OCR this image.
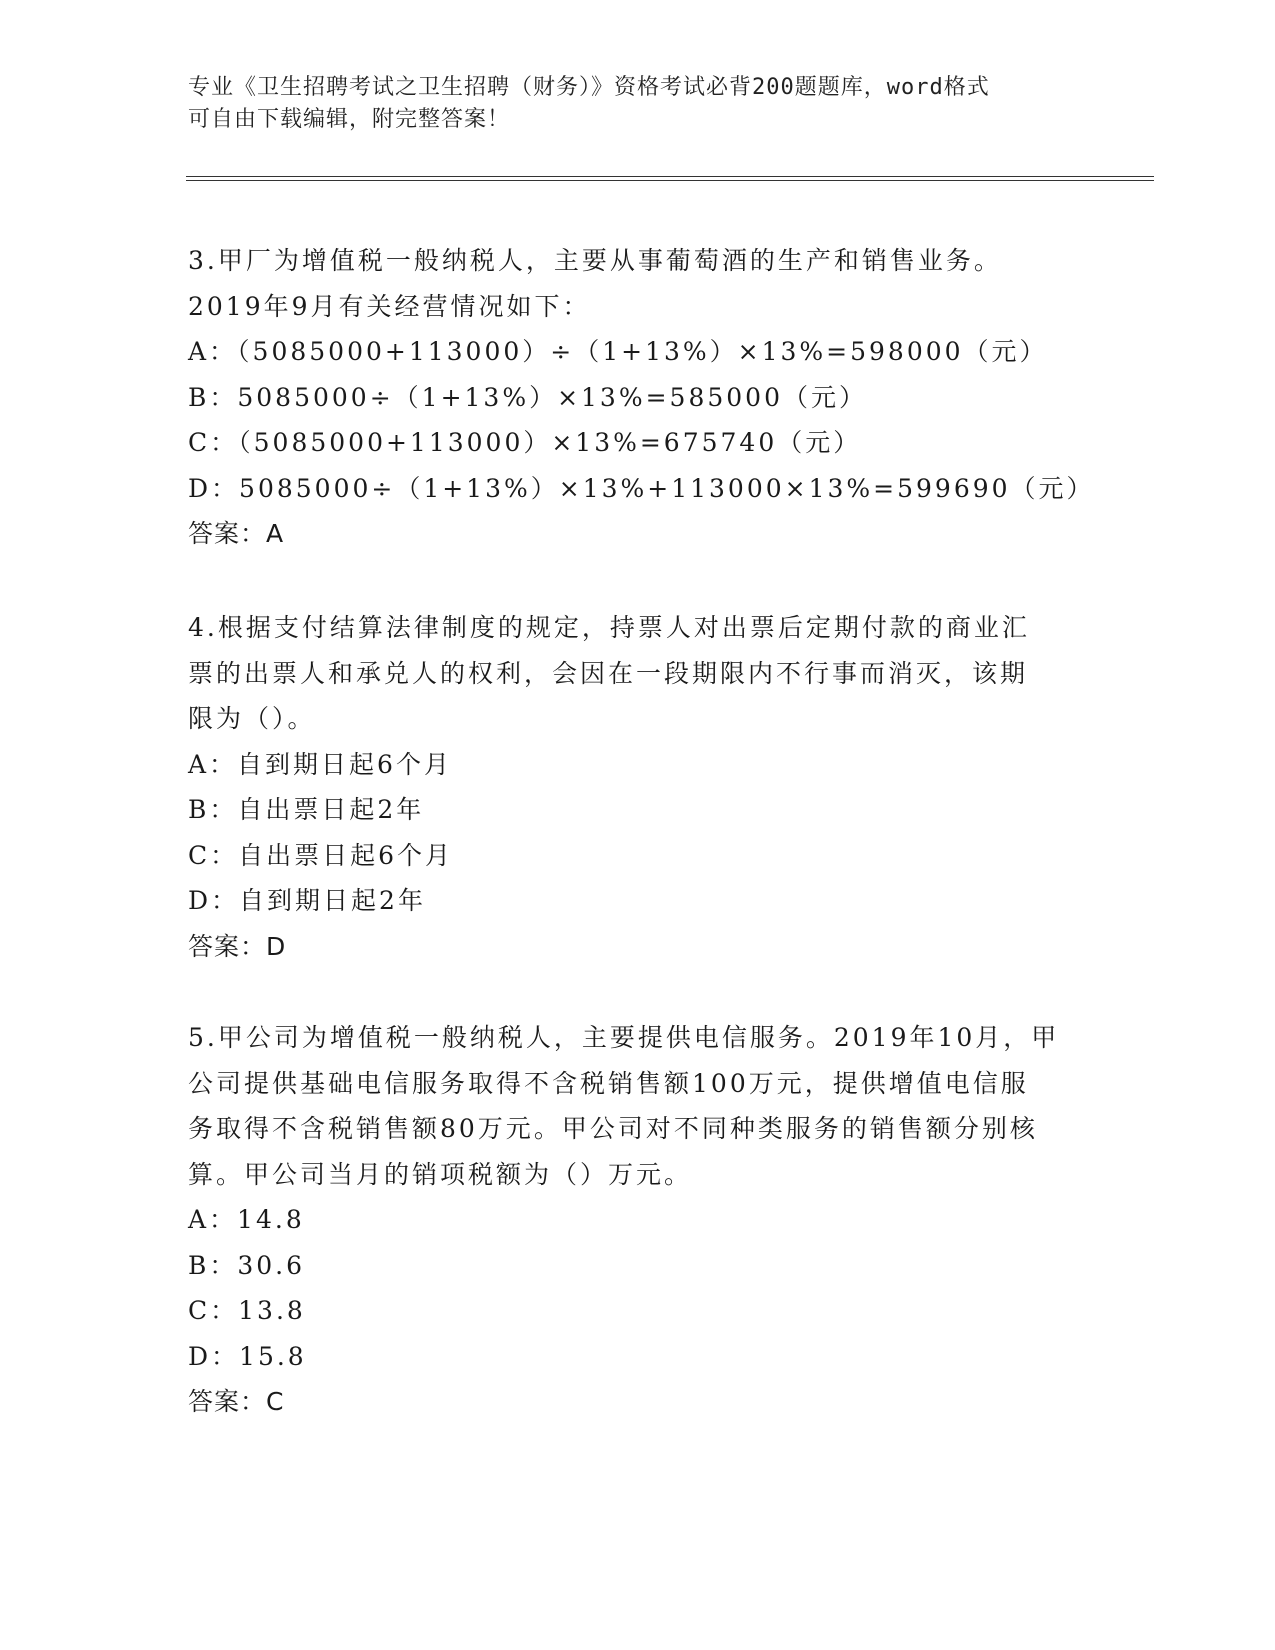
专业《卫生招聘考试之卫生招聘（财务）》资格考试必背200题题库，word格式
可自由下载编辑，附完整答案！
3.甲厂为增值税一般纳税人，主要从事葡萄酒的生产和销售业务。
2019年9月有关经营情况如下：
A：（5085000+113000）÷（1+13%）×13%=598000（元）
B：5085000÷（1+13%）×13%=585000（元）
C：（5085000+113000）×13%=675740（元）
D：5085000÷（1+13%）×13%+113000×13%=599690（元）
答案：A
4.根据支付结算法律制度的规定，持票人对出票后定期付款的商业汇
票的出票人和承兑人的权利，会因在一段期限内不行事而消灭，该期
限为（）。
A：自到期日起6个月
B：自出票日起2年
C：自出票日起6个月
D：自到期日起2年
答案：D
5.甲公司为增值税一般纳税人，主要提供电信服务。2019年10月，甲
公司提供基础电信服务取得不含税销售额100万元，提供增值电信服
务取得不含税销售额80万元。甲公司对不同种类服务的销售额分别核
算。甲公司当月的销项税额为（）万元。
A：14.8
B：30.6
C：13.8
D：15.8
答案：C
